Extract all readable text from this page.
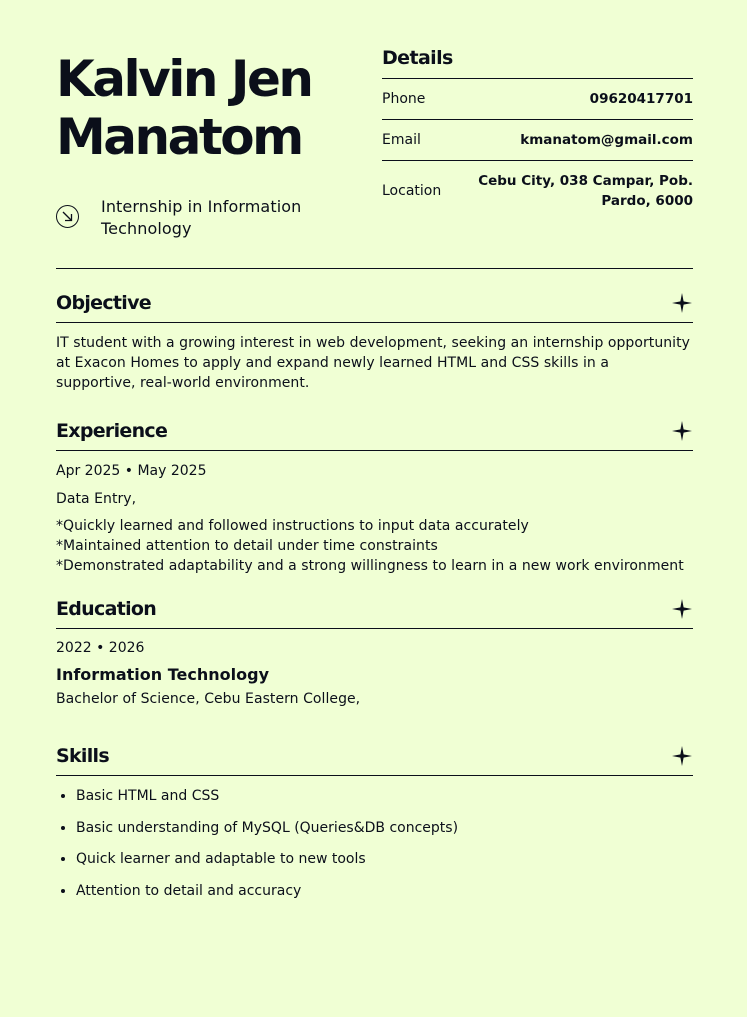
Kalvin Jen
Manatom
Internship in Information Technology
Details
Phone	09620417701
Email	kmanatom@gmail.com
Location
Cebu City, 038 Campar, Pob. Pardo, 6000
Objective
IT student with a growing interest in web development, seeking an internship opportunity at Exacon Homes to apply and expand newly learned HTML and CSS skills in a supportive, real-world environment.
Experience
Apr 2025 • May 2025
Data Entry,
*Quickly learned and followed instructions to input data accurately
*Maintained attention to detail under time constraints
*Demonstrated adaptability and a strong willingness to learn in a new work environment
Education
2022 • 2026
Information Technology
Bachelor of Science, Cebu Eastern College,
Skills
• Basic HTML and CSS
• Basic understanding of MySQL (Queries&DB concepts)
• Quick learner and adaptable to new tools
• Attention to detail and accuracy
